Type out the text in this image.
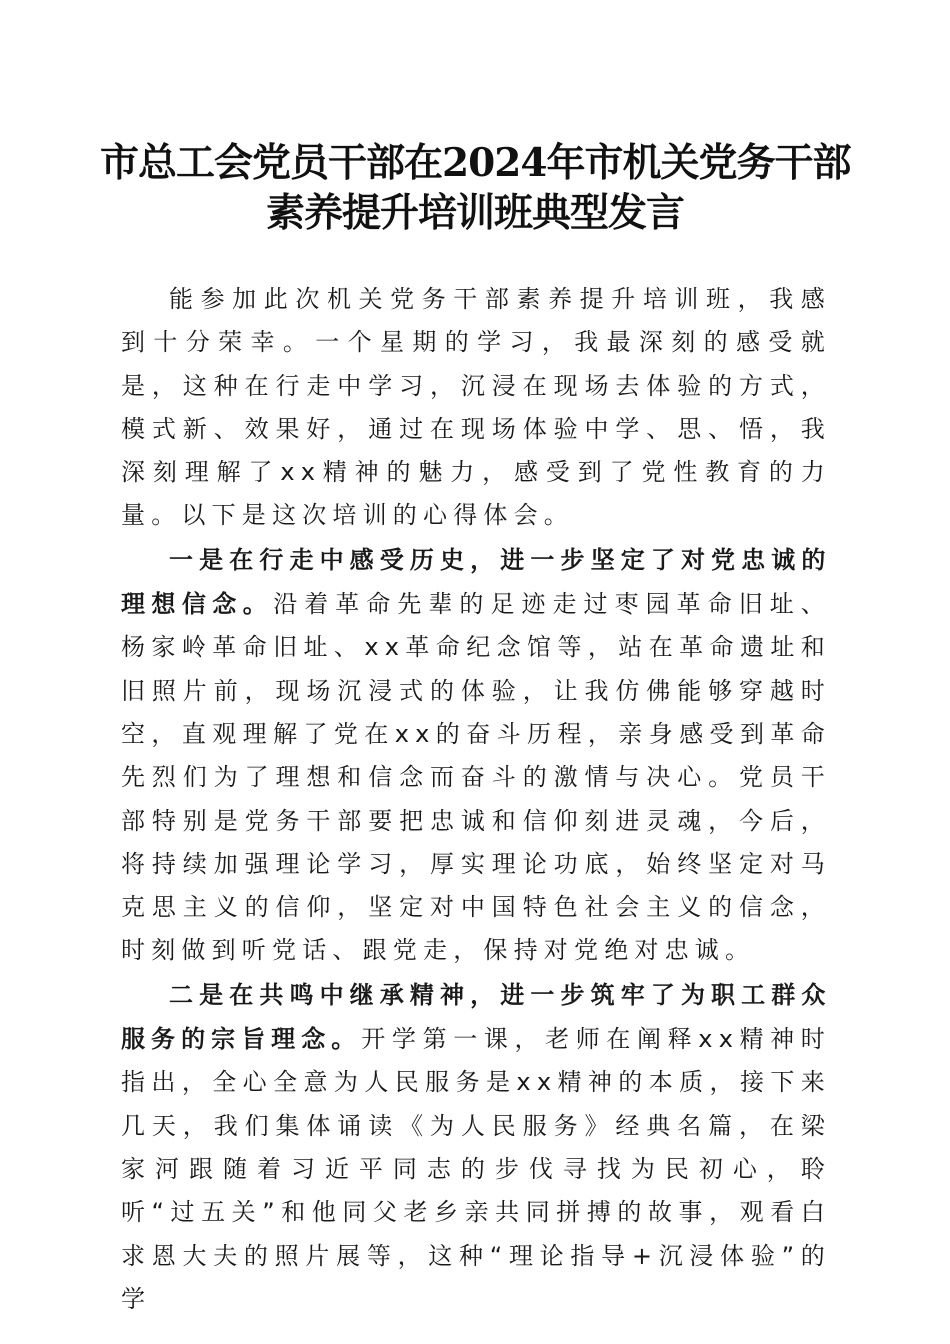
市总工会党员干部在2024年市机关党务干部
素养提升培训班典型发言

能参加此次机关党务干部素养提升培训班，我感到十分荣幸。一个星期的学习，我最深刻的感受就是，这种在行走中学习，沉浸在现场去体验的方式，模式新、效果好，通过在现场体验中学、思、悟，我深刻理解了xx精神的魅力，感受到了党性教育的力量。以下是这次培训的心得体会。

一是在行走中感受历史，进一步坚定了对党忠诚的理想信念。沿着革命先辈的足迹走过枣园革命旧址、杨家岭革命旧址、xx革命纪念馆等，站在革命遗址和旧照片前，现场沉浸式的体验，让我仿佛能够穿越时空，直观理解了党在xx的奋斗历程，亲身感受到革命先烈们为了理想和信念而奋斗的激情与决心。党员干部特别是党务干部要把忠诚和信仰刻进灵魂，今后，将持续加强理论学习，厚实理论功底，始终坚定对马克思主义的信仰，坚定对中国特色社会主义的信念，时刻做到听党话、跟党走，保持对党绝对忠诚。

二是在共鸣中继承精神，进一步筑牢了为职工群众服务的宗旨理念。开学第一课，老师在阐释xx精神时指出，全心全意为人民服务是xx精神的本质，接下来几天，我们集体诵读《为人民服务》经典名篇，在梁家河跟随着习近平同志的步伐寻找为民初心，聆听“过五关”和他同父老乡亲共同拼搏的故事，观看白求恩大夫的照片展等，这种“理论指导+沉浸体验”的学
